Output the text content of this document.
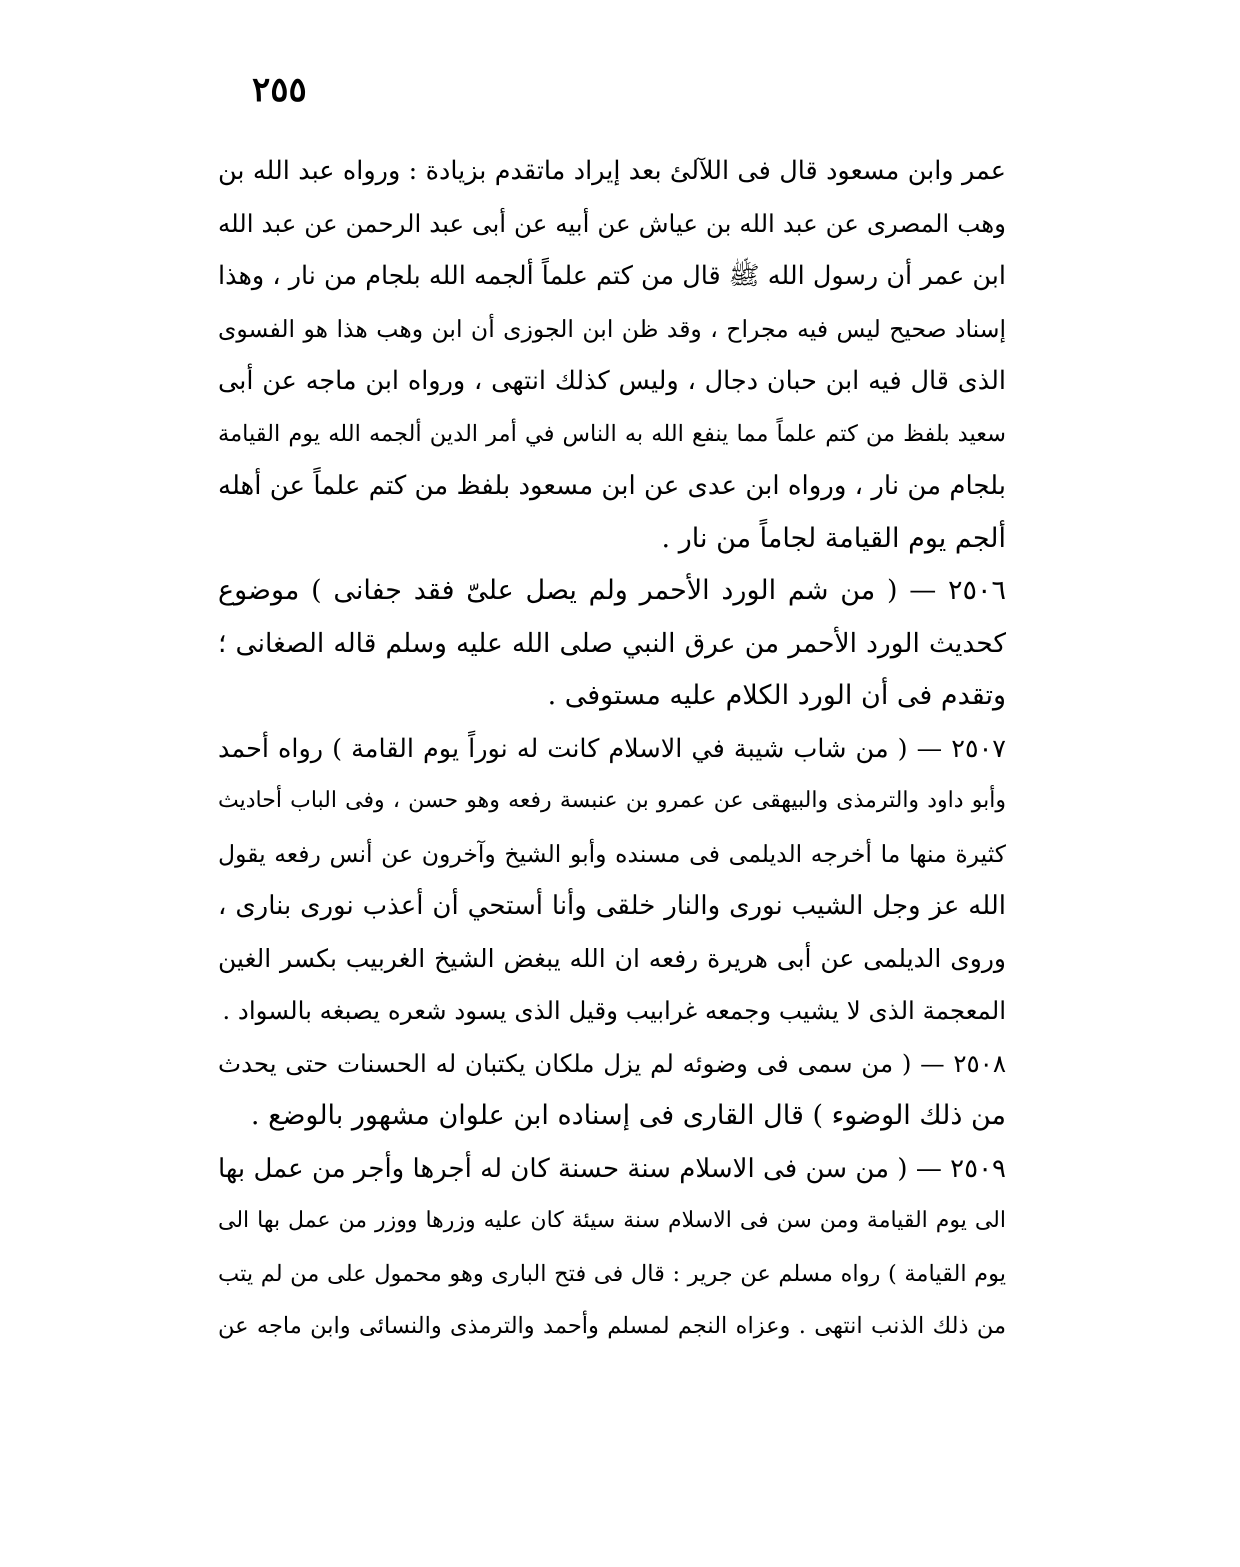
٢٥٥
عمر وابن مسعود قال فى اللآلئ بعد إيراد ماتقدم بزيادة : ورواه عبد الله بن
وهب المصرى عن عبد الله بن عياش عن أبيه عن أبى عبد الرحمن عن عبد الله
ابن عمر أن رسول الله ﷺ قال من كتم علماً ألجمه الله بلجام من نار ، وهذا
إسناد صحيح ليس فيه مجراح ، وقد ظن ابن الجوزى أن ابن وهب هذا هو الفسوى
الذى قال فيه ابن حبان دجال ، وليس كذلك انتهى ، ورواه ابن ماجه عن أبى
سعيد بلفظ من كتم علماً مما ينفع الله به الناس في أمر الدين ألجمه الله يوم القيامة
بلجام من نار ، ورواه ابن عدى عن ابن مسعود بلفظ من كتم علماً عن أهله
ألجم يوم القيامة لجاماً من نار .
٢٥٠٦ — ( من شم الورد الأحمر ولم يصل علىّ فقد جفانى ) موضوع
كحديث الورد الأحمر من عرق النبي صلى الله عليه وسلم قاله الصغانى ؛
وتقدم فى أن الورد الكلام عليه مستوفى .
٢٥٠٧ — ( من شاب شيبة في الاسلام كانت له نوراً يوم القامة ) رواه أحمد
وأبو داود والترمذى والبيهقى عن عمرو بن عنبسة رفعه وهو حسن ، وفى الباب أحاديث
كثيرة منها ما أخرجه الديلمى فى مسنده وأبو الشيخ وآخرون عن أنس رفعه يقول
الله عز وجل الشيب نورى والنار خلقى وأنا أستحي أن أعذب نورى بنارى ،
وروى الديلمى عن أبى هريرة رفعه ان الله يبغض الشيخ الغربيب بكسر الغين
المعجمة الذى لا يشيب وجمعه غرابيب وقيل الذى يسود شعره يصبغه بالسواد .
٢٥٠٨ — ( من سمى فى وضوئه لم يزل ملكان يكتبان له الحسنات حتى يحدث
من ذلك الوضوء ) قال القارى فى إسناده ابن علوان مشهور بالوضع .
٢٥٠٩ — ( من سن فى الاسلام سنة حسنة كان له أجرها وأجر من عمل بها
الى يوم القيامة ومن سن فى الاسلام سنة سيئة كان عليه وزرها ووزر من عمل بها الى
يوم القيامة ) رواه مسلم عن جرير : قال فى فتح البارى وهو محمول على من لم يتب
من ذلك الذنب انتهى . وعزاه النجم لمسلم وأحمد والترمذى والنسائى وابن ماجه عن
